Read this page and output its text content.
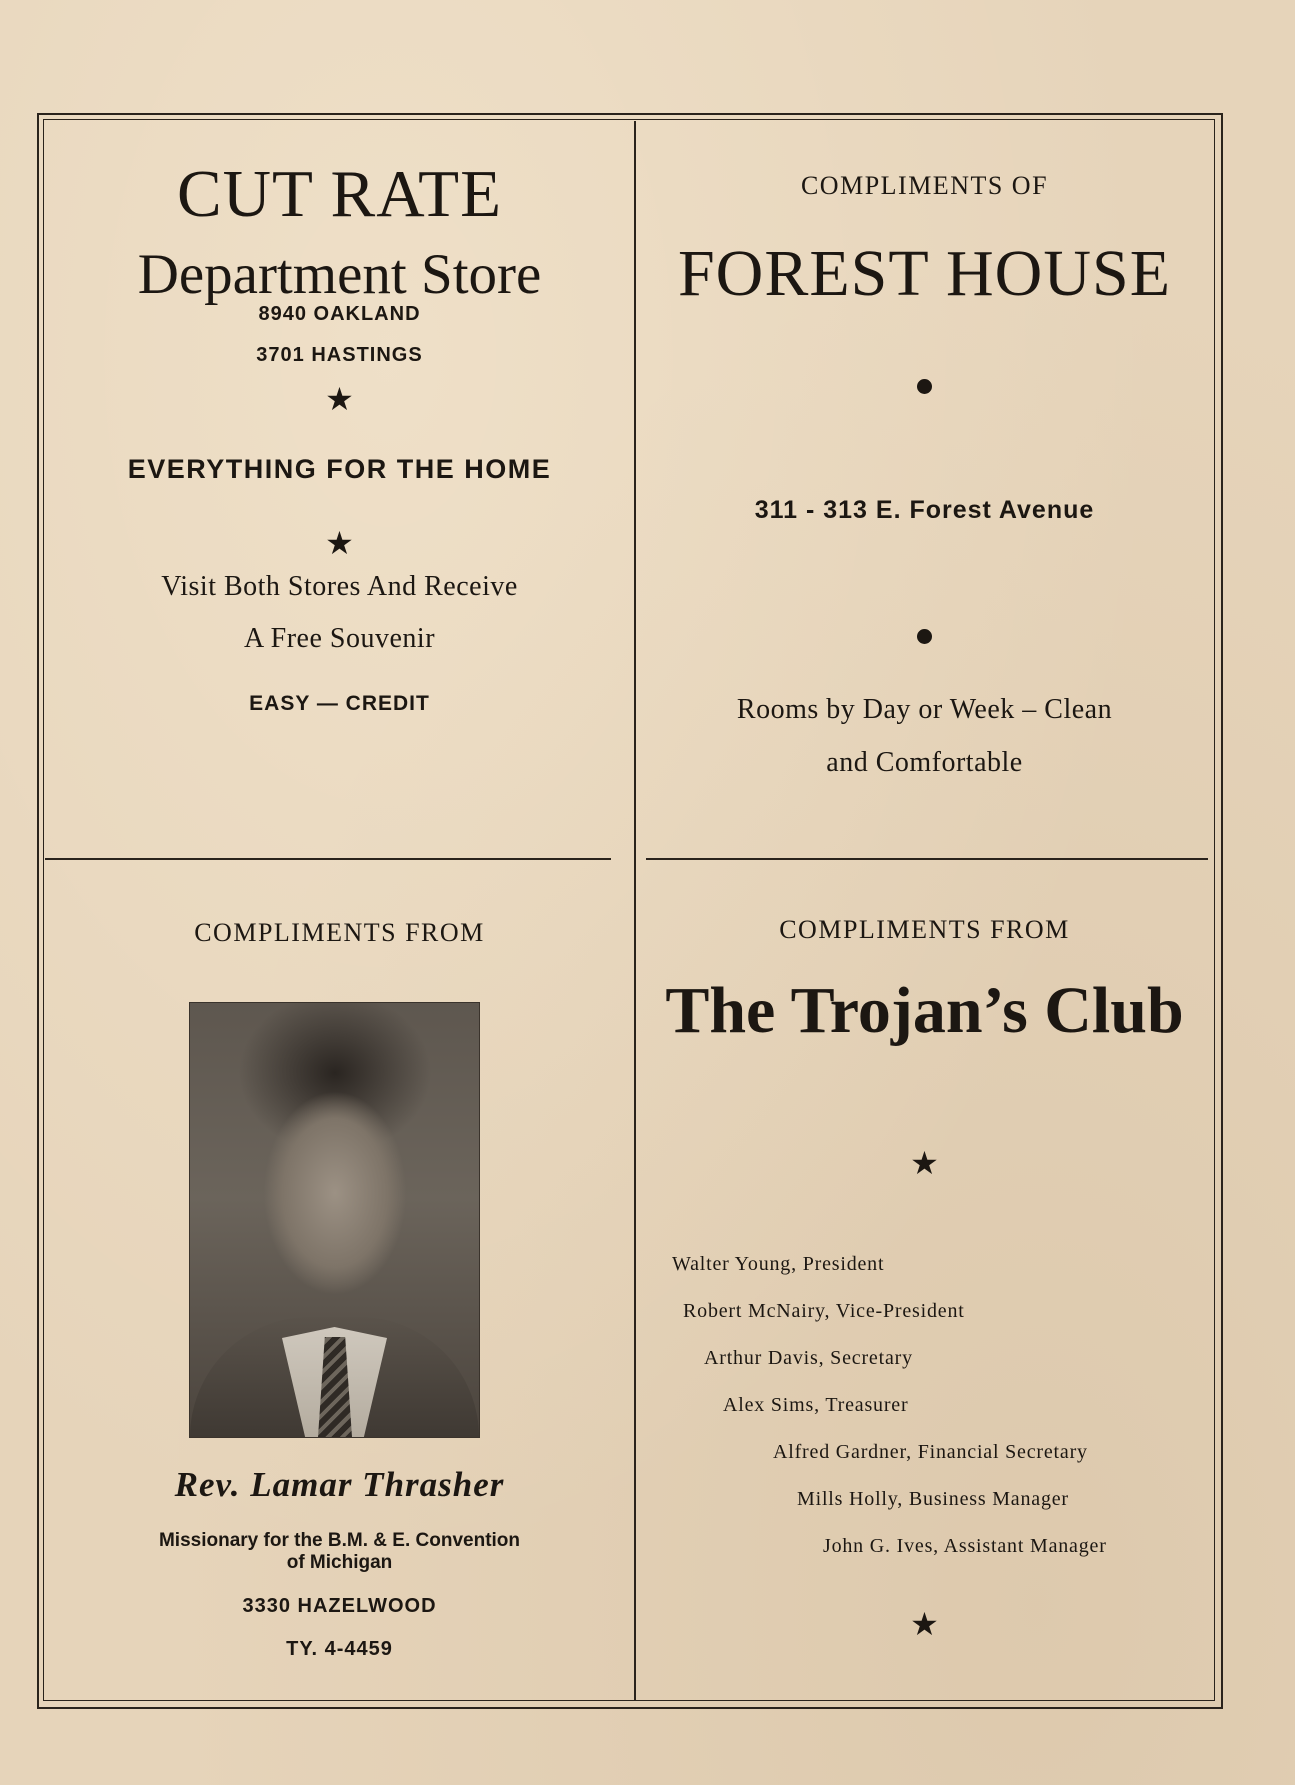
CUT RATE
Department Store
8940 OAKLAND
3701 HASTINGS
★
EVERYTHING FOR THE HOME
★
Visit Both Stores And Receive
A Free Souvenir
EASY — CREDIT
COMPLIMENTS OF
FOREST HOUSE
311 - 313 E. Forest Avenue
Rooms by Day or Week – Clean
and Comfortable
COMPLIMENTS FROM
Rev. Lamar Thrasher
Missionary for the B.M. & E. Convention
of Michigan
3330 HAZELWOOD
TY. 4-4459
COMPLIMENTS FROM
The Trojan’s Club
★
Walter Young, President
Robert McNairy, Vice-President
Arthur Davis, Secretary
Alex Sims, Treasurer
Alfred Gardner, Financial Secretary
Mills Holly, Business Manager
John G. Ives, Assistant Manager
★
